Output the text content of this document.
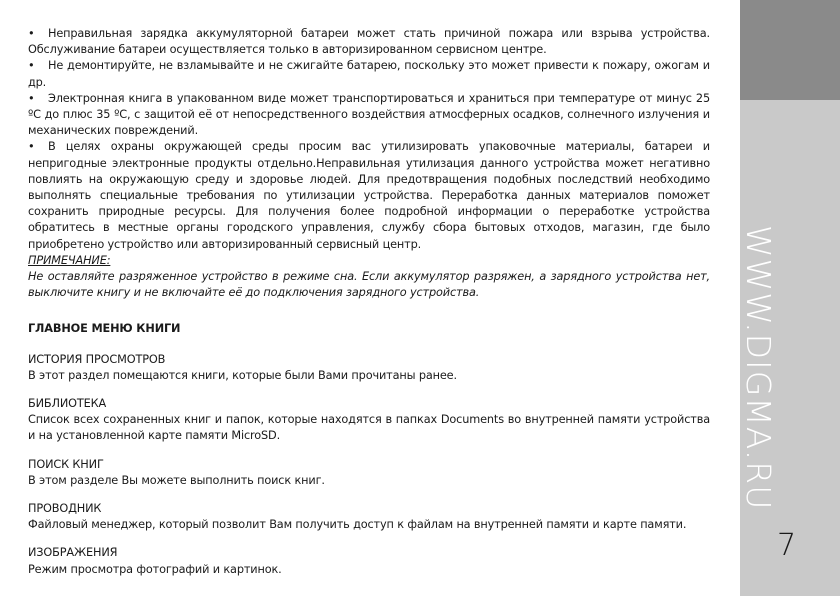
• Неправильная зарядка аккумуляторной батареи может стать причиной пожара или взрыва устройства. Обслуживание батареи осуществляется только в авторизированном сервисном центре.

• Не демонтируйте, не взламывайте и не сжигайте батарею, поскольку это может привести к пожару, ожогам и др.

• Электронная книга в упакованном виде может транспортироваться и храниться при температуре от минус 25 ºС до плюс 35 ºС, с защитой её от непосредственного воздействия атмосферных осадков, солнечного излучения и механических повреждений.

• В целях охраны окружающей среды просим вас утилизировать упаковочные материалы, батареи и непригодные электронные продукты отдельно.Неправильная утилизация данного устройства может негативно повлиять на окружающую среду и здоровье людей. Для предотвращения подобных последствий необходимо выполнять специальные требования по утилизации устройства. Переработка данных материалов поможет сохранить природные ресурсы. Для получения более подробной информации о переработке устройства обратитесь в местные органы городского управления, службу сбора бытовых отходов, магазин, где было приобретено устройство или авторизированный сервисный центр.

ПРИМЕЧАНИЕ:

Не оставляйте разряженное устройство в режиме сна. Если аккумулятор разряжен, а зарядного устройства нет, выключите книгу и не включайте её до подключения зарядного устройства.

ГЛАВНОЕ МЕНЮ КНИГИ

ИСТОРИЯ ПРОСМОТРОВ

В этот раздел помещаются книги, которые были Вами прочитаны ранее.

БИБЛИОТЕКА

Список всех сохраненных книг и папок, которые находятся в папках Documents во внутренней памяти устройства и на установленной карте памяти MicroSD.

ПОИСК КНИГ

В этом разделе Вы можете выполнить поиск книг.

ПРОВОДНИК

Файловый менеджер, который позволит Вам получить доступ к файлам на внутренней памяти и карте памяти.

ИЗОБРАЖЕНИЯ

Режим просмотра фотографий и картинок.

WWW.DIGMA.RU
7
